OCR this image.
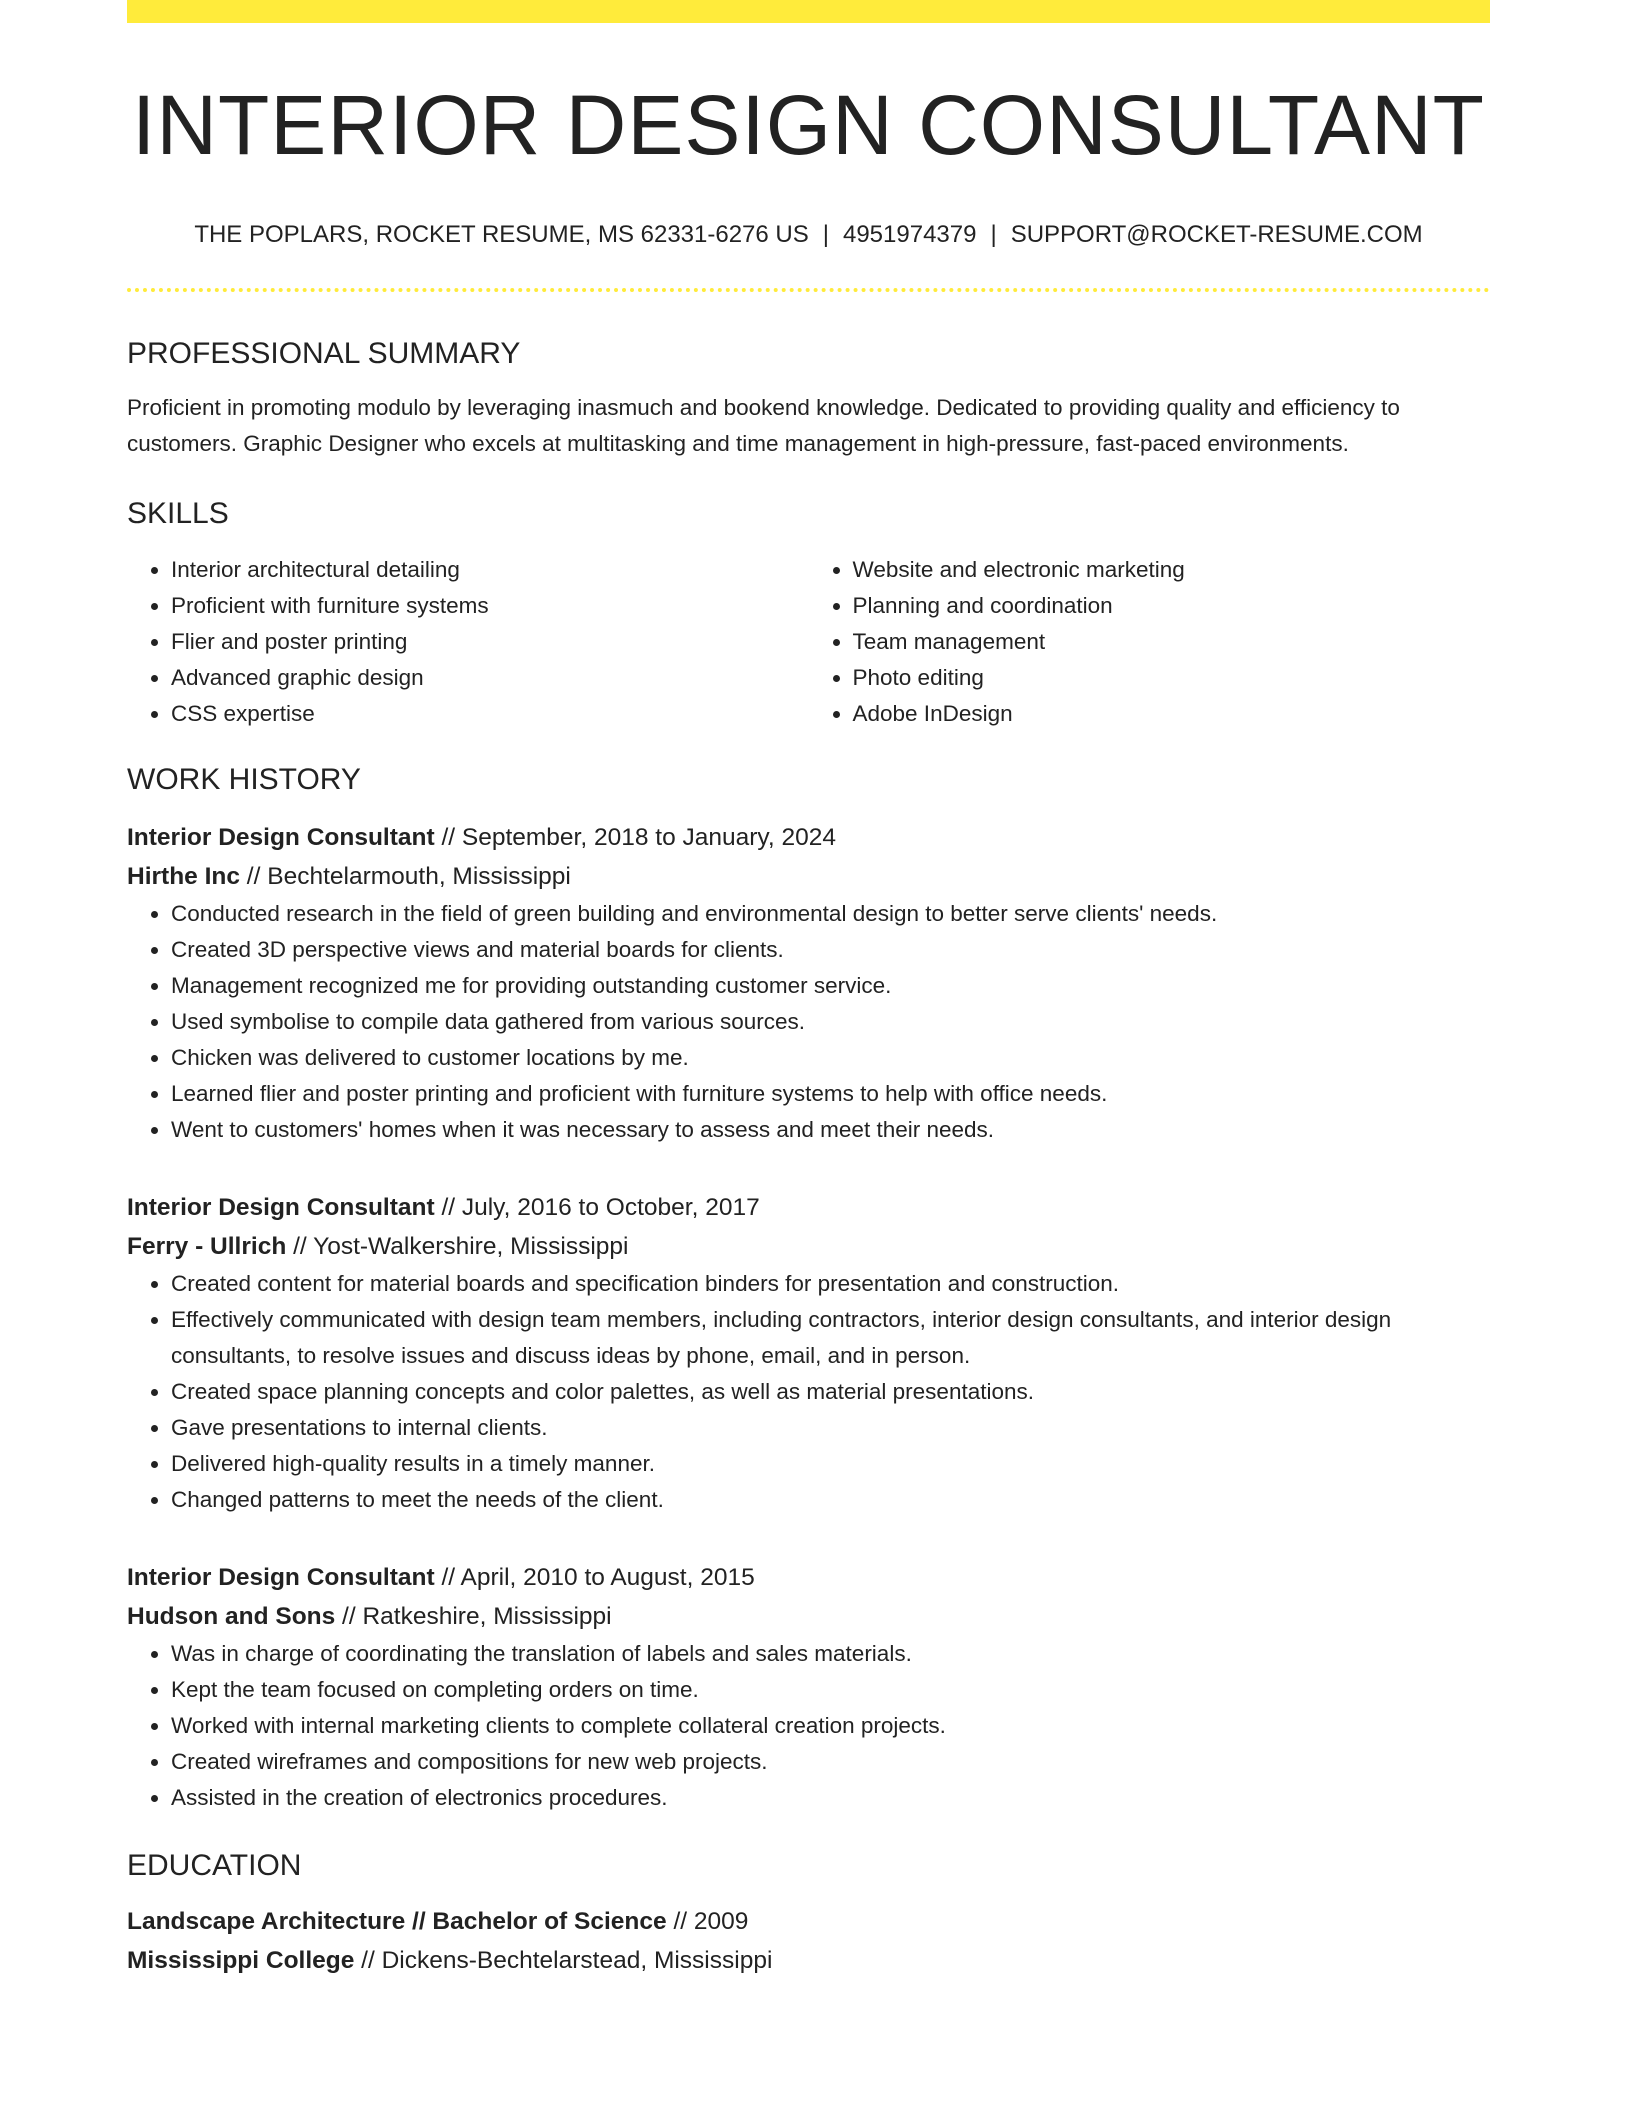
INTERIOR DESIGN CONSULTANT
THE POPLARS, ROCKET RESUME, MS 62331-6276 US | 4951974379 | SUPPORT@ROCKET-RESUME.COM
PROFESSIONAL SUMMARY

Proficient in promoting modulo by leveraging inasmuch and bookend knowledge. Dedicated to providing quality and efficiency to customers. Graphic Designer who excels at multitasking and time management in high-pressure, fast-paced environments.

SKILLS
• Interior architectural detailing
• Proficient with furniture systems
• Flier and poster printing
• Advanced graphic design
• CSS expertise
• Website and electronic marketing
• Planning and coordination
• Team management
• Photo editing
• Adobe InDesign
WORK HISTORY
Interior Design Consultant // September, 2018 to January, 2024
Hirthe Inc // Bechtelarmouth, Mississippi
• Conducted research in the field of green building and environmental design to better serve clients' needs.
• Created 3D perspective views and material boards for clients.
• Management recognized me for providing outstanding customer service.
• Used symbolise to compile data gathered from various sources.
• Chicken was delivered to customer locations by me.
• Learned flier and poster printing and proficient with furniture systems to help with office needs.
• Went to customers' homes when it was necessary to assess and meet their needs.
Interior Design Consultant // July, 2016 to October, 2017
Ferry - Ullrich // Yost-Walkershire, Mississippi
• Created content for material boards and specification binders for presentation and construction.
• Effectively communicated with design team members, including contractors, interior design consultants, and interior design consultants, to resolve issues and discuss ideas by phone, email, and in person.
• Created space planning concepts and color palettes, as well as material presentations.
• Gave presentations to internal clients.
• Delivered high-quality results in a timely manner.
• Changed patterns to meet the needs of the client.
Interior Design Consultant // April, 2010 to August, 2015
Hudson and Sons // Ratkeshire, Mississippi
• Was in charge of coordinating the translation of labels and sales materials.
• Kept the team focused on completing orders on time.
• Worked with internal marketing clients to complete collateral creation projects.
• Created wireframes and compositions for new web projects.
• Assisted in the creation of electronics procedures.
EDUCATION
Landscape Architecture // Bachelor of Science // 2009
Mississippi College // Dickens-Bechtelarstead, Mississippi
